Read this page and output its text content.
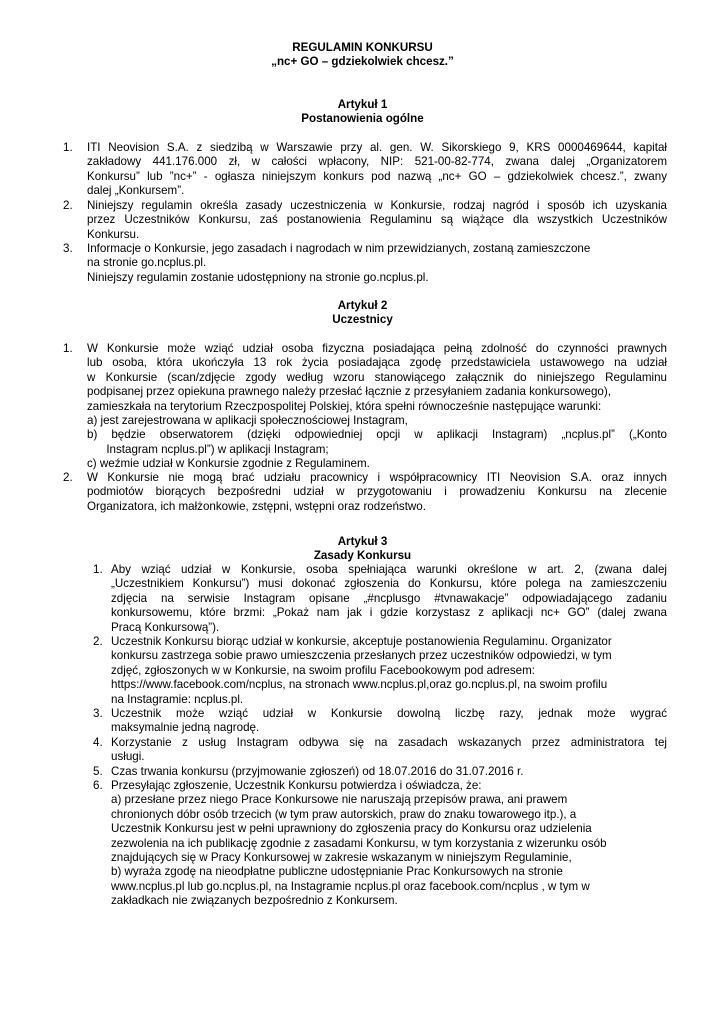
REGULAMIN KONKURSU
„nc+ GO – gdziekolwiek chcesz.”
Artykuł 1
Postanowienia ogólne
1. ITI Neovision S.A. z siedzibą w Warszawie przy al. gen. W. Sikorskiego 9, KRS 0000469644, kapitał
zakładowy 441.176.000 zł, w całości wpłacony, NIP: 521-00-82-774, zwana dalej „Organizatorem
Konkursu” lub ”nc+” - ogłasza niniejszym konkurs pod nazwą „nc+ GO – gdziekolwiek chcesz.”, zwany
dalej „Konkursem”.
2. Niniejszy regulamin określa zasady uczestniczenia w Konkursie, rodzaj nagród i sposób ich uzyskania
przez Uczestników Konkursu, zaś postanowienia Regulaminu są wiążące dla wszystkich Uczestników
Konkursu.
3. Informacje o Konkursie, jego zasadach i nagrodach w nim przewidzianych, zostaną zamieszczone
na stronie go.ncplus.pl.
Niniejszy regulamin zostanie udostępniony na stronie go.ncplus.pl.
Artykuł 2
Uczestnicy
1. W Konkursie może wziąć udział osoba fizyczna posiadająca pełną zdolność do czynności prawnych
lub osoba, która ukończyła 13 rok życia posiadająca zgodę przedstawiciela ustawowego na udział
w Konkursie (scan/zdjęcie zgody według wzoru stanowiącego załącznik do niniejszego Regulaminu
podpisanej przez opiekuna prawnego należy przesłać łącznie z przesyłaniem zadania konkursowego),
zamieszkała na terytorium Rzeczpospolitej Polskiej, która spełni równocześnie następujące warunki:
a) jest zarejestrowana w aplikacji społecznościowej Instagram,
b) będzie obserwatorem (dzięki odpowiedniej opcji w aplikacji Instagram) „ncplus.pl” („Konto
Instagram ncplus.pl”) w aplikacji Instagram;
c) weźmie udział w Konkursie zgodnie z Regulaminem.
2. W Konkursie nie mogą brać udziału pracownicy i współpracownicy ITI Neovision S.A. oraz innych
podmiotów biorących bezpośredni udział w przygotowaniu i prowadzeniu Konkursu na zlecenie
Organizatora, ich małżonkowie, zstępni, wstępni oraz rodzeństwo.
Artykuł 3
Zasady Konkursu
1. Aby wziąć udział w Konkursie, osoba spełniająca warunki określone w art. 2, (zwana dalej
„Uczestnikiem Konkursu”) musi dokonać zgłoszenia do Konkursu, które polega na zamieszczeniu
zdjęcia na serwisie Instagram opisane „#ncplusgo #tvnawakacje” odpowiadającego zadaniu
konkursowemu, które brzmi: „Pokaż nam jak i gdzie korzystasz z aplikacji nc+ GO” (dalej zwana
Pracą Konkursową”).
2. Uczestnik Konkursu biorąc udział w konkursie, akceptuje postanowienia Regulaminu. Organizator
konkursu zastrzega sobie prawo umieszczenia przesłanych przez uczestników odpowiedzi, w tym
zdjęć, zgłoszonych w w Konkursie, na swoim profilu Facebookowym pod adresem:
https://www.facebook.com/ncplus, na stronach www.ncplus.pl,oraz go.ncplus.pl, na swoim profilu
na Instagramie: ncplus.pl.
3. Uczestnik może wziąć udział w Konkursie dowolną liczbę razy, jednak może wygrać
maksymalnie jedną nagrodę.
4. Korzystanie z usług Instagram odbywa się na zasadach wskazanych przez administratora tej
usługi.
5. Czas trwania konkursu (przyjmowanie zgłoszeń) od 18.07.2016 do 31.07.2016 r.
6. Przesyłając zgłoszenie, Uczestnik Konkursu potwierdza i oświadcza, że:
a) przesłane przez niego Prace Konkursowe nie naruszają przepisów prawa, ani prawem
chronionych dóbr osób trzecich (w tym praw autorskich, praw do znaku towarowego itp.), a
Uczestnik Konkursu jest w pełni uprawniony do zgłoszenia pracy do Konkursu oraz udzielenia
zezwolenia na ich publikację zgodnie z zasadami Konkursu, w tym korzystania z wizerunku osób
znajdujących się w Pracy Konkursowej w zakresie wskazanym w niniejszym Regulaminie,
b) wyraża zgodę na nieodpłatne publiczne udostępnianie Prac Konkursowych na stronie
www.ncplus.pl lub go.ncplus.pl, na Instagramie ncplus.pl oraz facebook.com/ncplus , w tym w
zakładkach nie związanych bezpośrednio z Konkursem.
